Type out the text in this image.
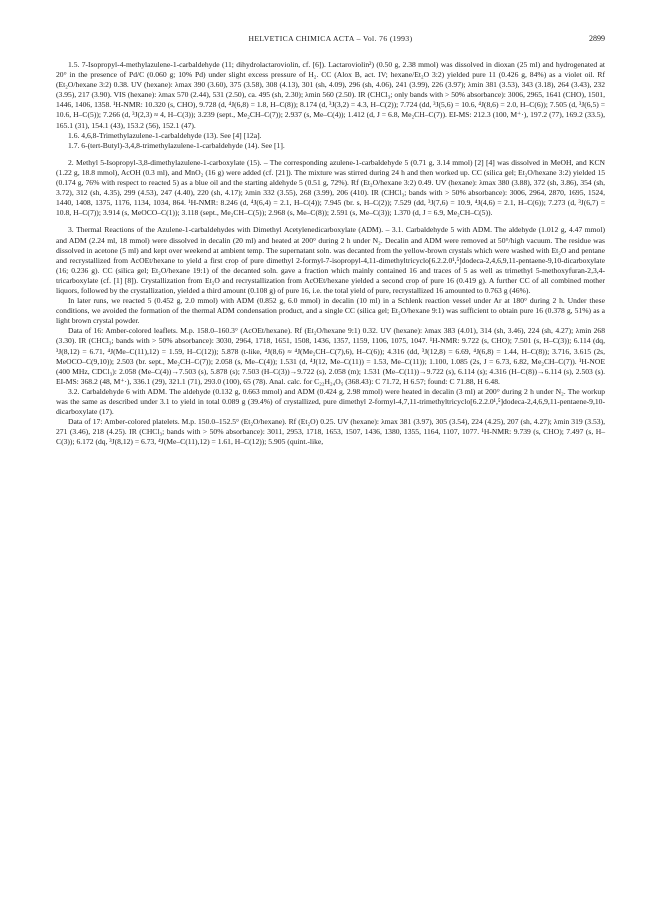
HELVETICA CHIMICA ACTA – Vol. 76 (1993)	2899

1.5. 7-Isopropyl-4-methylazulene-1-carbaldehyde (11; dihydrolactaroviolin, cf. [6]). Lactaroviolin²) (0.50 g, 2.38 mmol) was dissolved in dioxan (25 ml) and hydrogenated at 20° in the presence of Pd/C (0.060 g; 10% Pd) under slight excess pressure of H₂. CC (Alox B, act. IV; hexane/Et₂O 3:2) yielded pure 11 (0.426 g, 84%) as a violet oil. Rf (Et₂O/hexane 3:2) 0.38. UV (hexane): λmax 390 (3.60), 375 (3.58), 308 (4.13), 301 (sh, 4.09), 296 (sh, 4.06), 241 (3.99), 226 (3.97); λmin 381 (3.53), 343 (3.18), 264 (3.43), 232 (3.95), 217 (3.90). VIS (hexane): λmax 570 (2.44), 531 (2.50), ca. 495 (sh, 2.30); λmin 560 (2.50). IR (CHCl₃; only bands with > 50% absorbance): 3006, 2965, 1641 (CHO), 1501, 1446, 1406, 1358. ¹H-NMR: 10.320 (s, CHO), 9.728 (d, ⁴J(6,8) = 1.8, H–C(8)); 8.174 (d, ³J(3,2) = 4.3, H–C(2)); 7.724 (dd, ³J(5,6) = 10.6, ⁴J(8,6) = 2.0, H–C(6)); 7.505 (d, ³J(6,5) = 10.6, H–C(5)); 7.266 (d, ³J(2,3) ≈ 4, H–C(3)); 3.239 (sept., Me₂CH–C(7)); 2.937 (s, Me–C(4)); 1.412 (d, J = 6.8, Me₂CH–C(7)). EI-MS: 212.3 (100, M⁺·), 197.2 (77), 169.2 (33.5), 165.1 (31), 154.1 (43), 153.2 (56), 152.1 (47).

1.6. 4,6,8-Trimethylazulene-1-carbaldehyde (13). See [4] [12a].

1.7. 6-(tert-Butyl)-3,4,8-trimethylazulene-1-carbaldehyde (14). See [1].

2. Methyl 5-Isopropyl-3,8-dimethylazulene-1-carboxylate (15). – The corresponding azulene-1-carbaldehyde 5 (0.71 g, 3.14 mmol) [2] [4] was dissolved in MeOH, and KCN (1.22 g, 18.8 mmol), AcOH (0.3 ml), and MnO₂ (16 g) were added (cf. [21]). The mixture was stirred during 24 h and then worked up. CC (silica gel; Et₂O/hexane 3:2) yielded 15 (0.174 g, 76% with respect to reacted 5) as a blue oil and the starting aldehyde 5 (0.51 g, 72%). Rf (Et₂O/hexane 3:2) 0.49. UV (hexane): λmax 380 (3.88), 372 (sh, 3.86), 354 (sh, 3.72), 312 (sh, 4.35), 299 (4.53), 247 (4.40), 220 (sh, 4.17); λmin 332 (3.55), 268 (3.99), 206 (410). IR (CHCl₃; bands with > 50% absorbance): 3006, 2964, 2870, 1695, 1524, 1440, 1408, 1375, 1176, 1134, 1034, 864. ¹H-NMR: 8.246 (d, ⁴J(6,4) = 2.1, H–C(4)); 7.945 (br. s, H–C(2)); 7.529 (dd, ³J(7,6) = 10.9, ⁴J(4,6) = 2.1, H–C(6)); 7.273 (d, ³J(6,7) = 10.8, H–C(7)); 3.914 (s, MeOCO–C(1)); 3.118 (sept., Me₂CH–C(5)); 2.968 (s, Me–C(8)); 2.591 (s, Me–C(3)); 1.370 (d, J = 6.9, Me₂CH–C(5)).

3. Thermal Reactions of the Azulene-1-carbaldehydes with Dimethyl Acetylenedicarboxylate (ADM). – 3.1. Carbaldehyde 5 with ADM. The aldehyde (1.012 g, 4.47 mmol) and ADM (2.24 ml, 18 mmol) were dissolved in decalin (20 ml) and heated at 200° during 2 h under N₂. Decalin and ADM were removed at 50°/high vacuum. The residue was dissolved in acetone (5 ml) and kept over weekend at ambient temp. The supernatant soln. was decanted from the yellow-brown crystals which were washed with Et₂O and pentane and recrystallized from AcOEt/hexane to yield a first crop of pure dimethyl 2-formyl-7-isopropyl-4,11-dimethyltricyclo[6.2.2.0¹,⁵]dodeca-2,4,6,9,11-pentaene-9,10-dicarboxylate (16; 0.236 g). CC (silica gel; Et₂O/hexane 19:1) of the decanted soln. gave a fraction which mainly contained 16 and traces of 5 as well as trimethyl 5-methoxyfuran-2,3,4-tricarboxylate (cf. [1] [8]). Crystallization from Et₂O and recrystallization from AcOEt/hexane yielded a second crop of pure 16 (0.419 g). A further CC of all combined mother liquors, followed by the crystallization, yielded a third amount (0.108 g) of pure 16, i.e. the total yield of pure, recrystallized 16 amounted to 0.763 g (46%).

In later runs, we reacted 5 (0.452 g, 2.0 mmol) with ADM (0.852 g, 6.0 mmol) in decalin (10 ml) in a Schlenk reaction vessel under Ar at 180° during 2 h. Under these conditions, we avoided the formation of the thermal ADM condensation product, and a single CC (silica gel; Et₂O/hexane 9:1) was sufficient to obtain pure 16 (0.378 g, 51%) as a light brown crystal powder.

Data of 16: Amber-colored leaflets. M.p. 158.0–160.3° (AcOEt/hexane). Rf (Et₂O/hexane 9:1) 0.32. UV (hexane): λmax 383 (4.01), 314 (sh, 3.46), 224 (sh, 4.27); λmin 268 (3.30). IR (CHCl₃; bands with > 50% absorbance): 3030, 2964, 1718, 1651, 1508, 1436, 1357, 1159, 1106, 1075, 1047. ¹H-NMR: 9.722 (s, CHO); 7.501 (s, H–C(3)); 6.114 (dq, ³J(8,12) = 6.71, ⁴J(Me–C(11),12) = 1.59, H–C(12)); 5.878 (t-like, ⁴J(8,6) ≈ ⁴J(Me₂CH–C(7),6), H–C(6)); 4.316 (dd, ³J(12,8) = 6.69, ⁴J(6,8) = 1.44, H–C(8)); 3.716, 3.615 (2s, MeOCO–C(9,10)); 2.503 (br. sept., Me₂CH–C(7)); 2.058 (s, Me–C(4)); 1.531 (d, ⁴J(12, Me–C(11)) = 1.53, Me–C(11)); 1.100, 1.085 (2s, J = 6.73, 6.82, Me₂CH–C(7)). ¹H-NOE (400 MHz, CDCl₃): 2.058 (Me–C(4))→7.503 (s), 5.878 (s); 7.503 (H–C(3))→9.722 (s), 2.058 (m); 1.531 (Me–C(11))→9.722 (s), 6.114 (s); 4.316 (H–C(8))→6.114 (s), 2.503 (s). EI-MS: 368.2 (48, M⁺·), 336.1 (29), 321.1 (71), 293.0 (100), 65 (78). Anal. calc. for C₂₂H₂₄O₅ (368.43): C 71.72, H 6.57; found: C 71.88, H 6.48.

3.2. Carbaldehyde 6 with ADM. The aldehyde (0.132 g, 0.663 mmol) and ADM (0.424 g, 2.98 mmol) were heated in decalin (3 ml) at 200° during 2 h under N₂. The workup was the same as described under 3.1 to yield in total 0.089 g (39.4%) of crystallized, pure dimethyl 2-formyl-4,7,11-trimethyltricyclo[6.2.2.0¹,⁵]dodeca-2,4,6,9,11-pentaene-9,10-dicarboxylate (17).

Data of 17: Amber-colored platelets. M.p. 150.0–152.5° (Et₂O/hexane). Rf (Et₂O) 0.25. UV (hexane): λmax 381 (3.97), 305 (3.54), 224 (4.25), 207 (sh, 4.27); λmin 319 (3.53), 271 (3.46), 218 (4.25). IR (CHCl₃; bands with > 50% absorbance): 3011, 2953, 1718, 1653, 1507, 1436, 1380, 1355, 1164, 1107, 1077. ¹H-NMR: 9.739 (s, CHO); 7.497 (s, H–C(3)); 6.172 (dq, ³J(8,12) = 6.73, ⁴J(Me–C(11),12) = 1.61, H–C(12)); 5.905 (quint.-like,
